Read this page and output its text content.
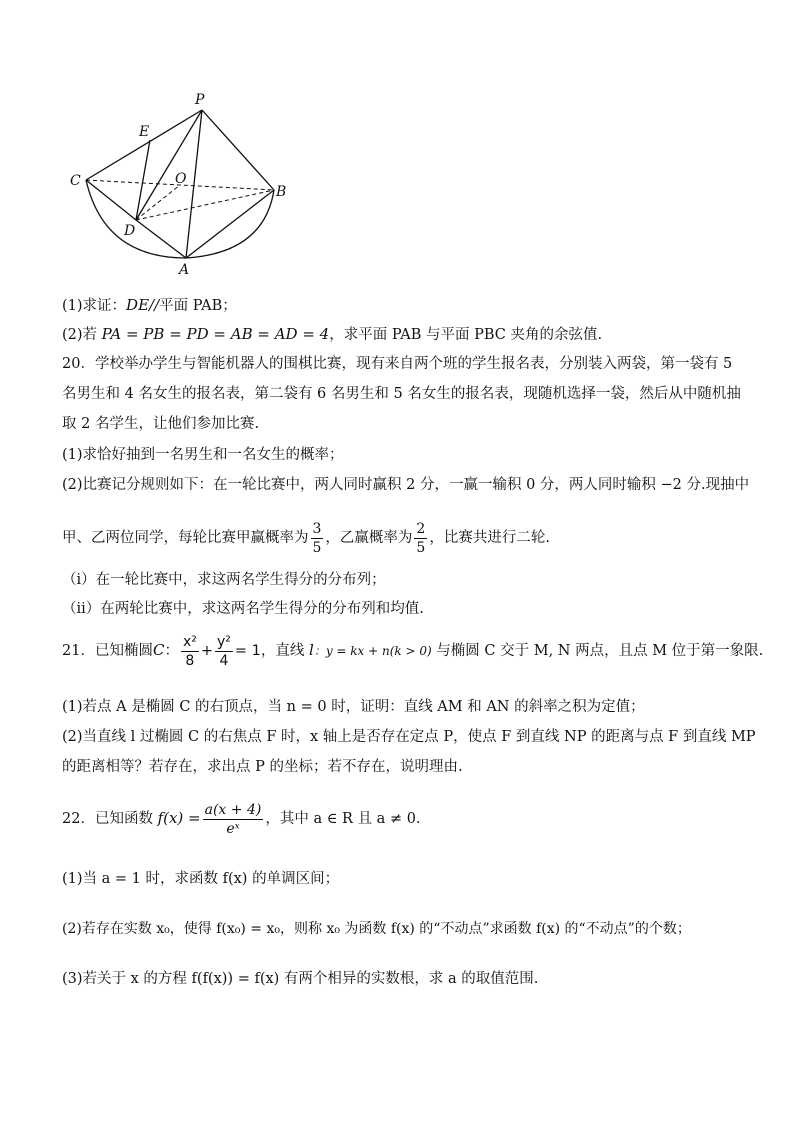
P
E
C	O
B
D
A
(1)求证：DE//平面 PAB；
(2)若 PA = PB = PD = AB = AD = 4，求平面 PAB 与平面 PBC 夹角的余弦值.
20．学校举办学生与智能机器人的围棋比赛，现有来自两个班的学生报名表，分别装入两袋，第一袋有 5
名男生和 4 名女生的报名表，第二袋有 6 名男生和 5 名女生的报名表，现随机选择一袋，然后从中随机抽
取 2 名学生，让他们参加比赛.
(1)求恰好抽到一名男生和一名女生的概率；
(2)比赛记分规则如下：在一轮比赛中，两人同时赢积 2 分，一赢一输积 0 分，两人同时输积 −2 分.现抽中
甲、乙两位同学，每轮比赛甲赢概率为 $\frac{3}{5}$ ，乙赢概率为 $\frac{2}{5}$ ，比赛共进行二轮.
（i）在一轮比赛中，求这两名学生得分的分布列；
（ii）在两轮比赛中，求这两名学生得分的分布列和均值.
21．已知椭圆C： $\frac{\text{x²}}{8} + \frac{\text{y²}}{4} = 1$，直线 l：y = kx + n(k > 0) 与椭圆 C 交于 M, N 两点，且点 M 位于第一象限.
(1)若点 A 是椭圆 C 的右顶点，当 n = 0 时，证明：直线 AM 和 AN 的斜率之积为定值；
(2)当直线 l 过椭圆 C 的右焦点 F 时，x 轴上是否存在定点 P，使点 F 到直线 NP 的距离与点 F 到直线 MP
的距离相等？若存在，求出点 P 的坐标；若不存在，说明理由.
22．已知函数 $f(x) = \frac{a(x + 4)}{\text{eˣ}}$ ，其中 a ∈ R 且 a ≠ 0.
(1)当 a = 1 时，求函数 f(x) 的单调区间；
(2)若存在实数 x₀，使得 f(x₀) = x₀，则称 x₀ 为函数 f(x) 的“不动点”求函数 f(x) 的“不动点”的个数；
(3)若关于 x 的方程 f(f(x)) = f(x) 有两个相异的实数根，求 a 的取值范围.
